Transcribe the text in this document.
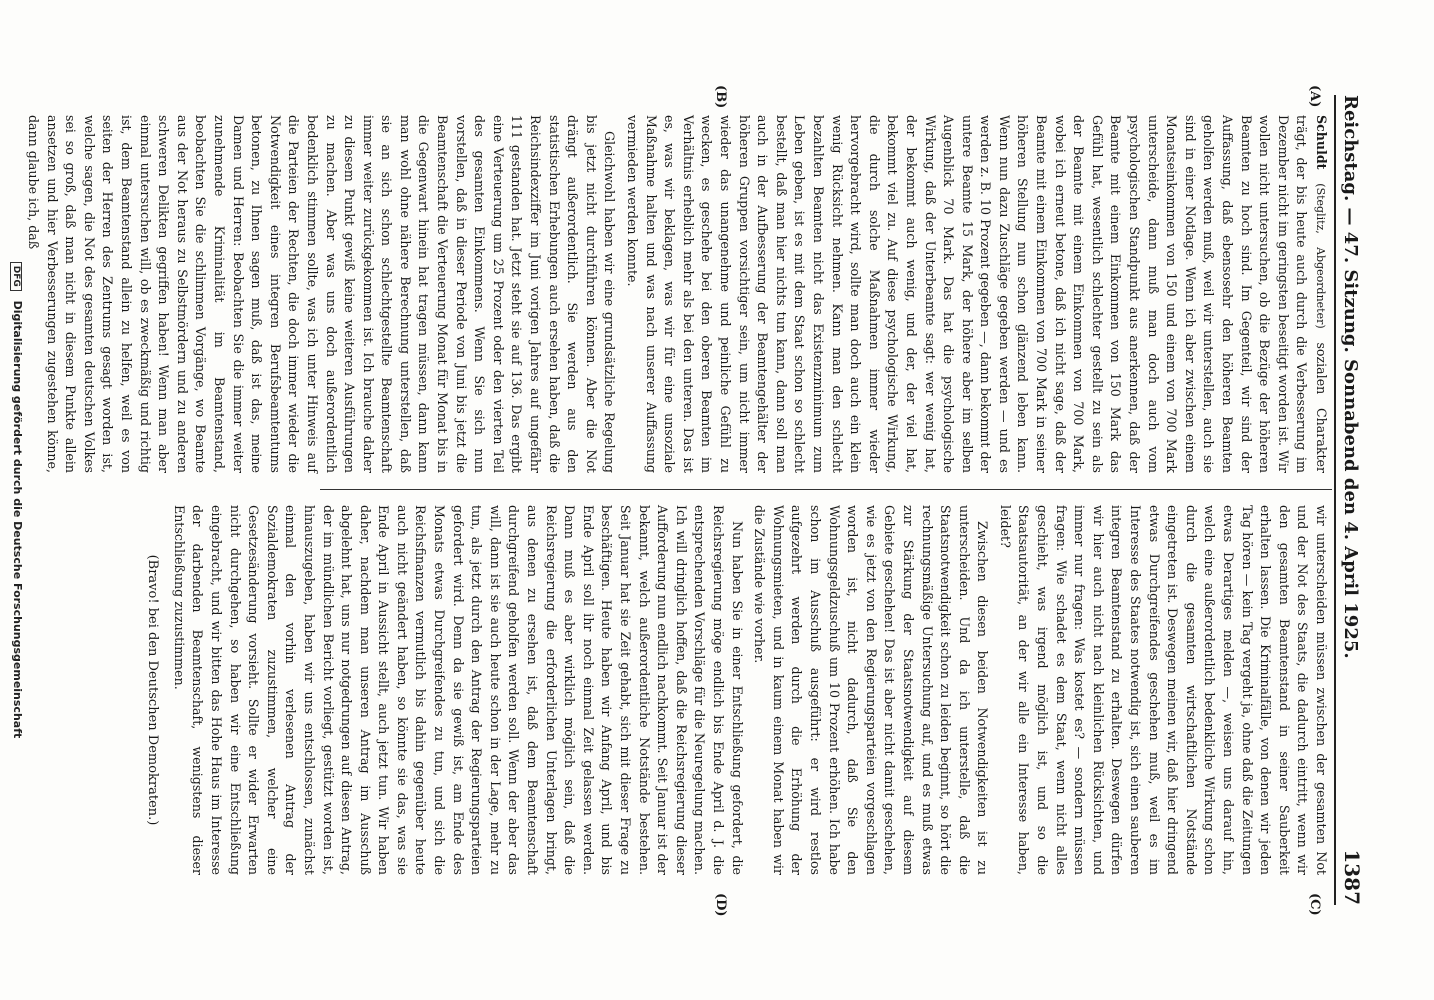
Reichstag. — 47. Sitzung. Sonnabend den 4. April 1925.
1387
(A)
(B)
(C)
(D)

Schuldt (Steglitz, Abgeordneter) sozialen Charakter trägt, der bis heute auch durch die Verbesserung im Dezember nicht im geringsten beseitigt worden ist. Wir wollen nicht untersuchen, ob die Bezüge der höheren Beamten zu hoch sind. Im Gegenteil, wir sind der Auffassung, daß ebensosehr den höheren Beamten geholfen werden muß, weil wir unterstellen, auch sie sind in einer Notlage. Wenn ich aber zwischen einem Monatseinkommen von 150 und einem von 700 Mark unterscheide, dann muß man doch auch vom psychologischen Standpunkt aus anerkennen, daß der Beamte mit einem Einkommen von 150 Mark das Gefühl hat, wesentlich schlechter gestellt zu sein als der Beamte mit einem Einkommen von 700 Mark, wobei ich erneut betone, daß ich nicht sage, daß der Beamte mit einem Einkommen von 700 Mark in seiner höheren Stellung nun schon glänzend leben kann. Wenn nun dazu Zuschläge gegeben werden — und es werden z. B. 10 Prozent gegeben —, dann bekommt der untere Beamte 15 Mark, der höhere aber im selben Augenblick 70 Mark. Das hat die psychologische Wirkung, daß der Unterbeamte sagt: wer wenig hat, der bekommt auch wenig, und der, der viel hat, bekommt viel zu. Auf diese psychologische Wirkung, die durch solche Maßnahmen immer wieder hervorgebracht wird, sollte man doch auch ein klein wenig Rücksicht nehmen. Kann man den schlecht bezahlten Beamten nicht das Existenzminimum zum Leben geben, ist es mit dem Staat schon so schlecht bestellt, daß man hier nichts tun kann, dann soll man auch in der Aufbesserung der Beamtengehälter der höheren Gruppen vorsichtiger sein, um nicht immer wieder das unangenehme und peinliche Gefühl zu wecken, es geschehe bei den oberen Beamten im Verhältnis erheblich mehr als bei den unteren. Das ist es, was wir beklagen, was wir für eine unsoziale Maßnahme halten und was nach unserer Auffassung vermieden werden konnte.

Gleichwohl haben wir eine grundsätzliche Regelung bis jetzt nicht durchführen können. Aber die Not drängt außerordentlich. Sie werden aus den statistischen Erhebungen auch ersehen haben, daß die Reichsindexziffer im Juni vorigen Jahres auf ungefähr 111 gestanden hat. Jetzt steht sie auf 136. Das ergibt eine Verteuerung um 25 Prozent oder den vierten Teil des gesamten Einkommens. Wenn Sie sich nun vorstellen, daß in dieser Periode von Juni bis jetzt die Beamtenschaft die Verteuerung Monat für Monat bis in die Gegenwart hinein hat tragen müssen, dann kann man wohl ohne nähere Berechnung unterstellen, daß sie an sich schon schlechtgestellte Beamtenschaft immer weiter zurückgekommen ist. Ich brauche daher zu diesem Punkt gewiß keine weiteren Ausführungen zu machen. Aber was uns doch außerordentlich bedenklich stimmen sollte, was ich unter Hinweis auf die Parteien der Rechten, die doch immer wieder die Notwendigkeit eines integren Berufsbeamtentums betonen, zu Ihnen sagen muß, daß ist das, meine Damen und Herren: Beobachten Sie die immer weiter zunehmende Kriminalität im Beamtenstand, beobachten Sie die schlimmen Vorgänge, wo Beamte aus der Not heraus zu Selbstmördern und zu anderen schweren Delikten gegriffen haben! Wenn man aber einmal untersuchen will, ob es zweckmäßig und richtig ist, dem Beamtenstand allein zu helfen, weil es von seiten der Herren des Zentrums gesagt worden ist, welche sagen, die Not des gesamten deutschen Volkes sei so groß, daß man nicht in diesem Punkte allein ansetzen und hier Verbesserungen zugestehen könne, dann glaube ich, daß

wir unterscheiden müssen zwischen der gesamten Not und der Not des Staats, die dadurch eintritt, wenn wir den gesamten Beamtenstand in seiner Sauberkeit erhalten lassen. Die Kriminalfälle, von denen wir jeden Tag hören — kein Tag vergeht ja, ohne daß die Zeitungen etwas Derartiges melden —, weisen uns darauf hin, welch eine außerordentlich bedenkliche Wirkung schon durch die gesamten wirtschaftlichen Notstände eingetreten ist. Deswegen meinen wir, daß hier dringend etwas Durchgreifendes geschehen muß, weil es im Interesse des Staates notwendig ist, sich einen sauberen integren Beamtenstand zu erhalten. Deswegen dürfen wir hier auch nicht nach kleinlichen Rücksichten, und immer nur fragen: Was kostet es? — sondern müssen fragen: Wie schadet es dem Staat, wenn nicht alles geschieht, was irgend möglich ist, und so die Staatsautorität, an der wir alle ein Interesse haben, leidet?

Zwischen diesen beiden Notwendigkeiten ist zu unterscheiden. Und da ich unterstelle, daß die Staatsnotwendigkeit schon zu leiden beginnt, so hört die rechnungsmäßige Untersuchung auf, und es muß etwas zur Stärkung der Staatsnotwendigkeit auf diesem Gebiete geschehen! Das ist aber nicht damit geschehen, wie es jetzt von den Regierungsparteien vorgeschlagen worden ist, nicht dadurch, daß Sie den Wohnungsgeldzuschuß um 10 Prozent erhöhen. Ich habe schon im Ausschuß ausgeführt: er wird restlos aufgezehrt werden durch die Erhöhung der Wohnungsmieten, und in kaum einem Monat haben wir die Zustände wie vorher.

Nun haben Sie in einer Entschließung gefordert, die Reichsregierung möge endlich bis Ende April d. J. die entsprechenden Vorschläge für die Neuregelung machen. Ich will dringlich hoffen, daß die Reichsregierung dieser Aufforderung nun endlich nachkommt. Seit Januar ist der bekannt, welch außerordentliche Notstände bestehen. Seit Januar hat sie Zeit gehabt, sich mit dieser Frage zu beschäftigen. Heute haben wir Anfang April, und bis Ende April soll ihr noch einmal Zeit gelassen werden. Dann muß es aber wirklich möglich sein, daß die Reichsregierung die erforderlichen Unterlagen bringt, aus denen zu ersehen ist, daß dem Beamtenschaft durchgreifend geholfen werden soll. Wenn der aber das will, dann ist sie auch heute schon in der Lage, mehr zu tun, als jetzt durch den Antrag der Regierungsparteien gefordert wird. Denn da sie gewiß ist, am Ende des Monats etwas Durchgreifendes zu tun, und sich die Reichsfinanzen vermutlich bis dahin gegenüber heute auch nicht geändert haben, so könnte sie das, was sie Ende April in Aussicht stellt, auch jetzt tun. Wir haben daher, nachdem man unseren Antrag im Ausschuß abgelehnt hat, uns nur notgedrungen auf diesen Antrag, der im mündlichen Bericht vorliegt, gestützt worden ist, hinauszugeben, haben wir uns entschlossen, zunächst einmal den vorhin verlesenen Antrag der Sozialdemokraten zuzustimmen, welcher eine Gesetzesänderung vorsieht. Sollte er wider Erwarten nicht durchgehen, so haben wir eine Entschließung eingebracht, und wir bitten das Hohe Haus im Interesse der darbenden Beamtenschaft, wenigstens dieser Entschließung zuzustimmen.

(Bravo! bei den Deutschen Demokraten.)

DFG Digitalisierung gefördert durch die Deutsche Forschungsgemeinschaft
